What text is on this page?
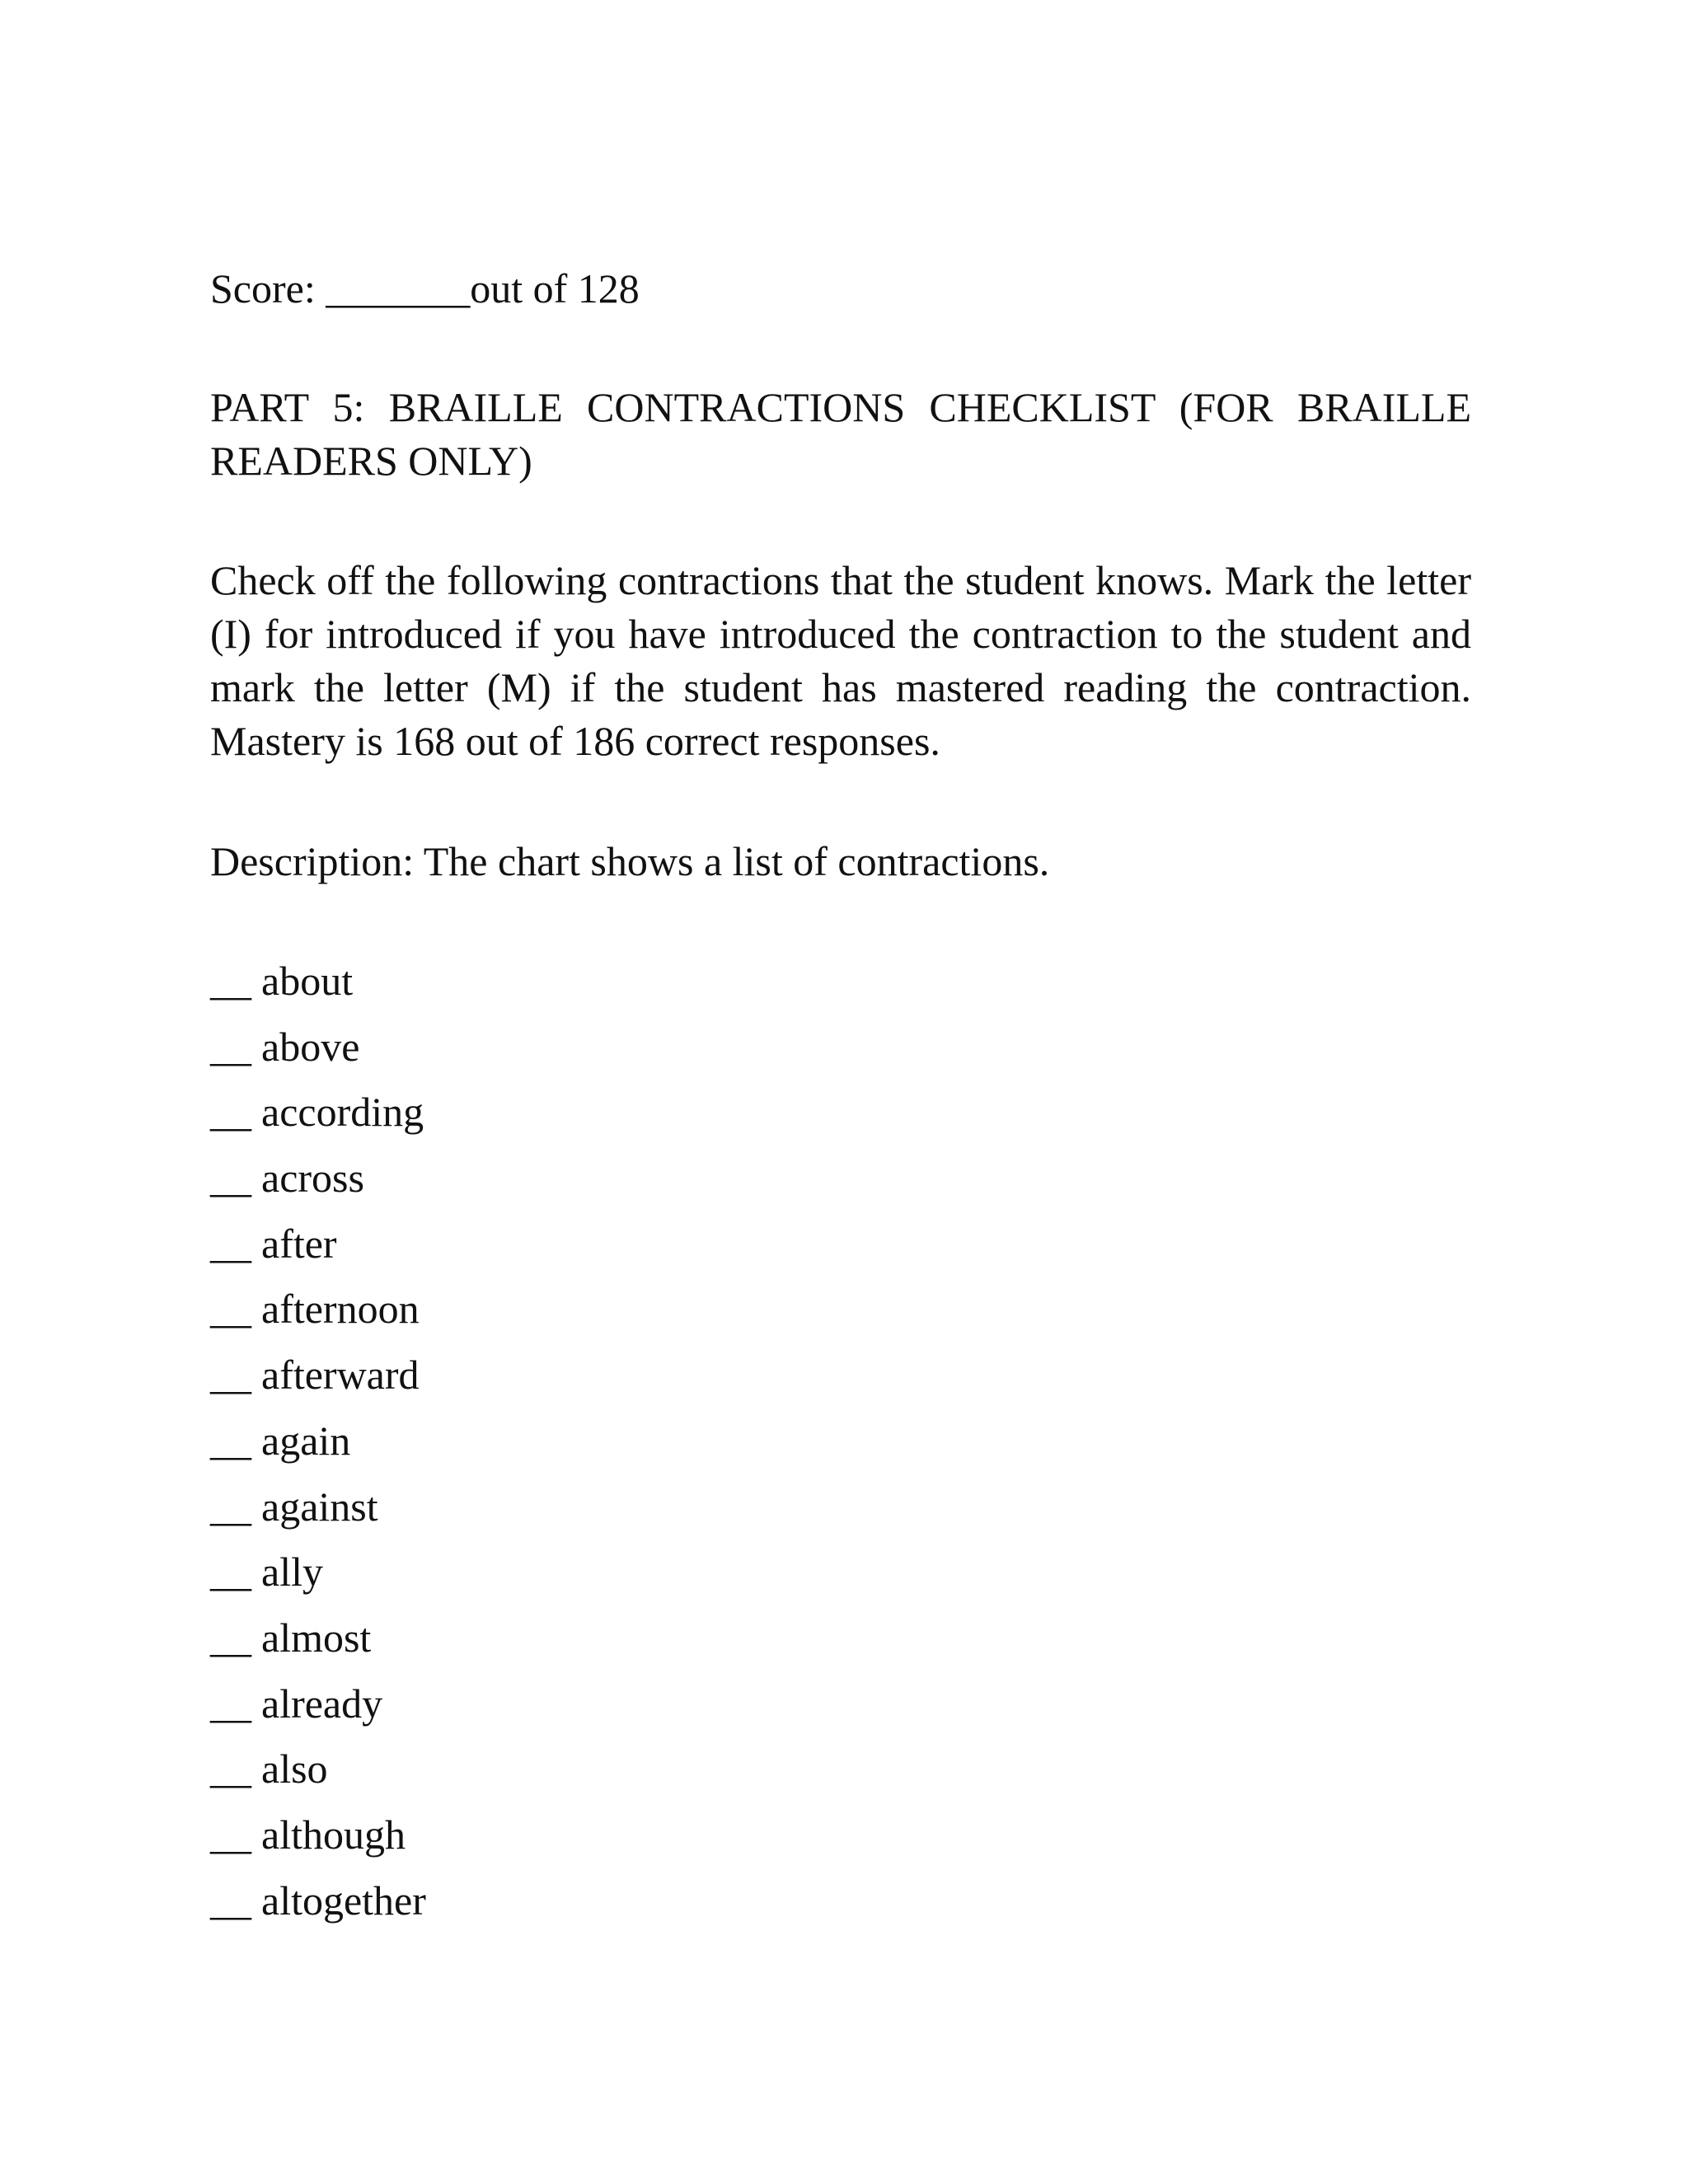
Score: _______out of 128
PART 5: BRAILLE CONTRACTIONS CHECKLIST (FOR BRAILLE READERS ONLY)
Check off the following contractions that the student knows. Mark the letter (I) for introduced if you have introduced the contraction to the student and mark the letter (M) if the student has mastered reading the contraction. Mastery is 168 out of 186 correct responses.
Description: The chart shows a list of contractions.
__ about
__ above
__ according
__ across
__ after
__ afternoon
__ afterward
__ again
__ against
__ ally
__ almost
__ already
__ also
__ although
__ altogether
